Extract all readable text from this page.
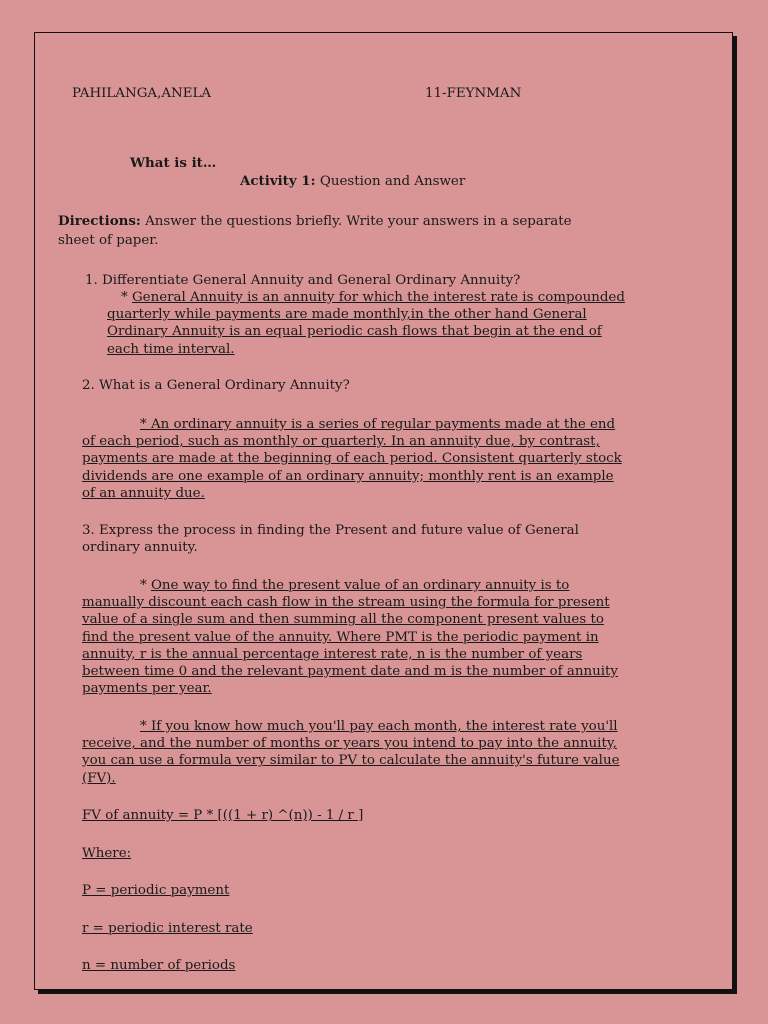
PAHILANGA,ANELA	11-FEYNMAN

What is it…

Activity 1: Question and Answer

Directions: Answer the questions briefly. Write your answers in a separate

sheet of paper.

1. Differentiate General Annuity and General Ordinary Annuity?

* General Annuity is an annuity for which the interest rate is compounded
quarterly while payments are made monthly,in the other hand General
Ordinary Annuity is an equal periodic cash flows that begin at the end of
each time interval.

2. What is a General Ordinary Annuity?

* An ordinary annuity is a series of regular payments made at the end
of each period, such as monthly or quarterly. In an annuity due, by contrast,
payments are made at the beginning of each period. Consistent quarterly stock
dividends are one example of an ordinary annuity; monthly rent is an example
of an annuity due.
3. Express the process in finding the Present and future value of General
ordinary annuity.
* One way to find the present value of an ordinary annuity is to
manually discount each cash flow in the stream using the formula for present
value of a single sum and then summing all the component present values to
find the present value of the annuity. Where PMT is the periodic payment in
annuity, r is the annual percentage interest rate, n is the number of years
between time 0 and the relevant payment date and m is the number of annuity
payments per year.
* If you know how much you'll pay each month, the interest rate you'll
receive, and the number of months or years you intend to pay into the annuity,
you can use a formula very similar to PV to calculate the annuity's future value
(FV).

FV of annuity = P * [((1 + r) ^(n)) - 1 / r ]

Where:

P = periodic payment

r = periodic interest rate

n = number of periods
